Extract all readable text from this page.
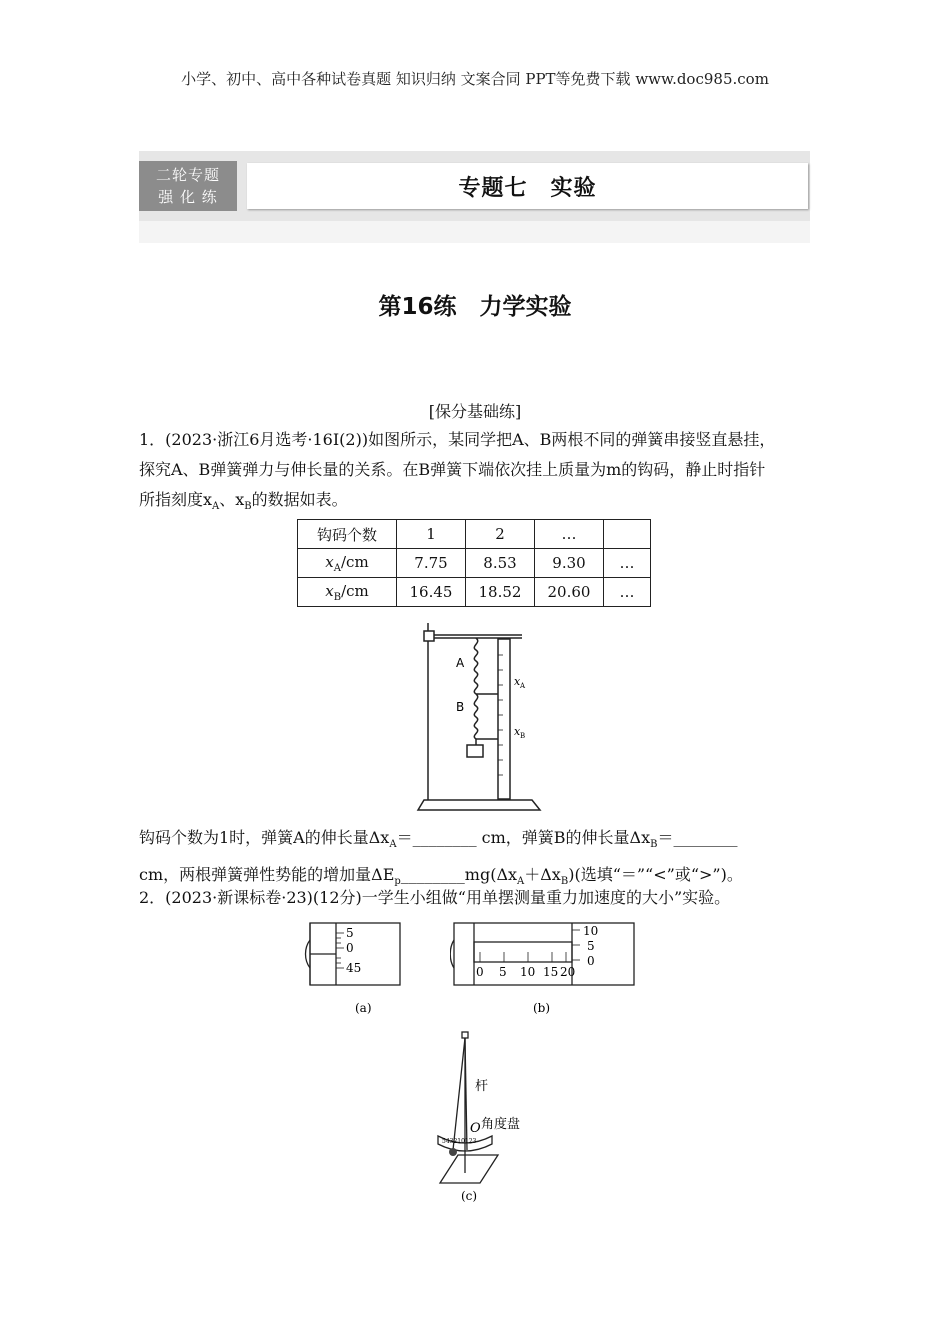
小学、初中、高中各种试卷真题 知识归纳 文案合同 PPT等免费下载 www.doc985.com
二轮专题
强 化 练	专题七　实验
第16练　力学实验
[保分基础练]
1．(2023·浙江6月选考·16Ⅰ(2))如图所示，某同学把A、B两根不同的弹簧串接竖直悬挂，
探究A、B弹簧弹力与伸长量的关系。在B弹簧下端依次挂上质量为m的钩码，静止时指针
所指刻度$x_A$、$x_B$的数据如表。
钩码个数	1	2	…	
$x_A/cm$	7.75	8.53	9.30	…
$x_B/cm$	16.45	18.52	20.60	…
A
B
x A
x B
钩码个数为1时，弹簧A的伸长量$\Delta x_A=\_\_\_\_\_\_\_\_$ cm，弹簧B的伸长量$\Delta x_B=\_\_\_\_\_\_\_\_$
cm，两根弹簧弹性势能的增加量$\Delta E_p\_\_\_\_\_\_\_\_mg(\Delta x_A+\Delta x_B)$(选填“＝”“<”或“>”)。
2．(2023·新课标卷·23)(12分)一学生小组做“用单摆测量重力加速度的大小”实验。
5
0
45
(a)
0 5 10 15 20
10
5
0
(b)
543210123
杆
O 角度盘
(c)
